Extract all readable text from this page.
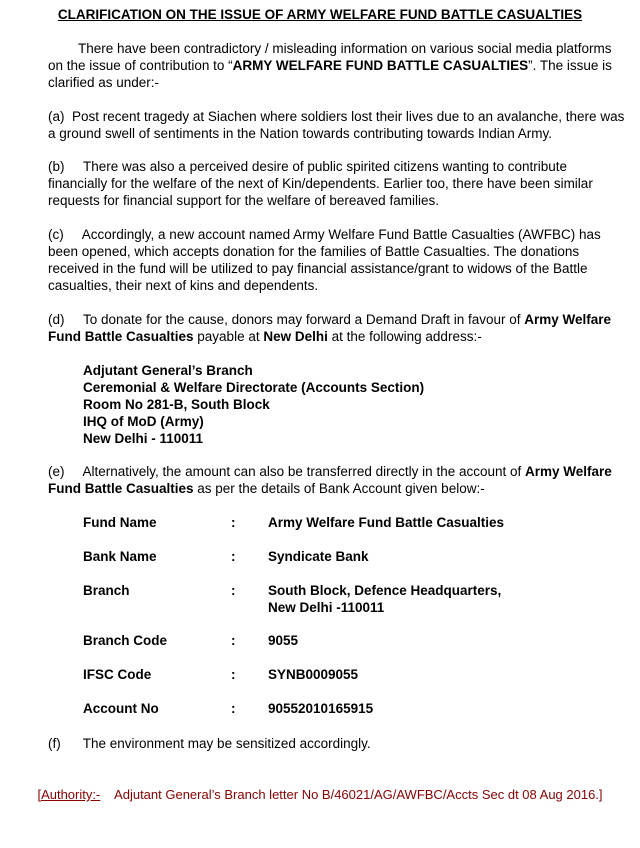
CLARIFICATION ON THE ISSUE OF ARMY WELFARE FUND BATTLE CASUALTIES

There have been contradictory / misleading information on various social media platforms on the issue of contribution to “ARMY WELFARE FUND BATTLE CASUALTIES”. The issue is clarified as under:-

(a) Post recent tragedy at Siachen where soldiers lost their lives due to an avalanche, there was a ground swell of sentiments in the Nation towards contributing towards Indian Army.

(b) There was also a perceived desire of public spirited citizens wanting to contribute financially for the welfare of the next of Kin/dependents. Earlier too, there have been similar requests for financial support for the welfare of bereaved families.

(c) Accordingly, a new account named Army Welfare Fund Battle Casualties (AWFBC) has been opened, which accepts donation for the families of Battle Casualties. The donations received in the fund will be utilized to pay financial assistance/grant to widows of the Battle casualties, their next of kins and dependents.

(d) To donate for the cause, donors may forward a Demand Draft in favour of Army Welfare Fund Battle Casualties payable at New Delhi at the following address:-

Adjutant General’s Branch
Ceremonial & Welfare Directorate (Accounts Section)
Room No 281-B, South Block
IHQ of MoD (Army)
New Delhi - 110011

(e) Alternatively, the amount can also be transferred directly in the account of Army Welfare Fund Battle Casualties as per the details of Bank Account given below:-

Fund Name	: Army Welfare Fund Battle Casualties
Bank Name	: Syndicate Bank
Branch	: South Block, Defence Headquarters,
New Delhi -110011
Branch Code	: 9055
IFSC Code	: SYNB0009055
Account No	: 90552010165915

(f) The environment may be sensitized accordingly.

[Authority:- Adjutant General’s Branch letter No B/46021/AG/AWFBC/Accts Sec dt 08 Aug 2016.]
